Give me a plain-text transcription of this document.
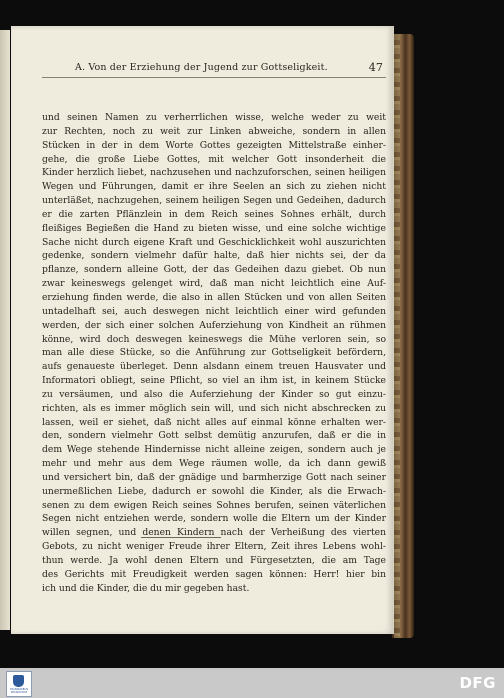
A. Von der Erziehung der Jugend zur Gottseligkeit.	47
und seinen Namen zu verherrlichen wisse, welche weder zu weit
zur Rechten, noch zu weit zur Linken abweiche, sondern in allen
Stücken in der in dem Worte Gottes gezeigten Mittelstraße einher-
gehe, die große Liebe Gottes, mit welcher Gott insonderheit die
Kinder herzlich liebet, nachzusehen und nachzuforschen, seinen heiligen
Wegen und Führungen, damit er ihre Seelen an sich zu ziehen nicht
unterläßet, nachzugehen, seinem heiligen Segen und Gedeihen, dadurch
er die zarten Pflänzlein in dem Reich seines Sohnes erhält, durch
fleißiges Begießen die Hand zu bieten wisse, und eine solche wichtige
Sache nicht durch eigene Kraft und Geschicklichkeit wohl auszurichten
gedenke, sondern vielmehr dafür halte, daß hier nichts sei, der da
pflanze, sondern alleine Gott, der das Gedeihen dazu giebet. Ob nun
zwar keineswegs gelenget wird, daß man nicht leichtlich eine Auf-
erziehung finden werde, die also in allen Stücken und von allen Seiten
untadelhaft sei, auch deswegen nicht leichtlich einer wird gefunden
werden, der sich einer solchen Auferziehung von Kindheit an rühmen
könne, wird doch deswegen keineswegs die Mühe verloren sein, so
man alle diese Stücke, so die Anführung zur Gottseligkeit befördern,
aufs genaueste überleget. Denn alsdann einem treuen Hausvater und
Informatori obliegt, seine Pflicht, so viel an ihm ist, in keinem Stücke
zu versäumen, und also die Auferziehung der Kinder so gut einzu-
richten, als es immer möglich sein will, und sich nicht abschrecken zu
lassen, weil er siehet, daß nicht alles auf einmal könne erhalten wer-
den, sondern vielmehr Gott selbst demütig anzurufen, daß er die in
dem Wege stehende Hindernisse nicht alleine zeigen, sondern auch je
mehr und mehr aus dem Wege räumen wolle, da ich dann gewiß
und versichert bin, daß der gnädige und barmherzige Gott nach seiner
unermeßlichen Liebe, dadurch er sowohl die Kinder, als die Erwach-
senen zu dem ewigen Reich seines Sohnes berufen, seinen väterlichen
Segen nicht entziehen werde, sondern wolle die Eltern um der Kinder
willen segnen, und denen Kindern nach der Verheißung des vierten
Gebots, zu nicht weniger Freude ihrer Eltern, Zeit ihres Lebens wohl-
thun werde. Ja wohl denen Eltern und Fürgesetzten, die am Tage
des Gerichts mit Freudigkeit werden sagen können: Herr! hier bin
ich und die Kinder, die du mir gegeben hast.
TRANSKRIBUS
WIKISOURCE
DFG
